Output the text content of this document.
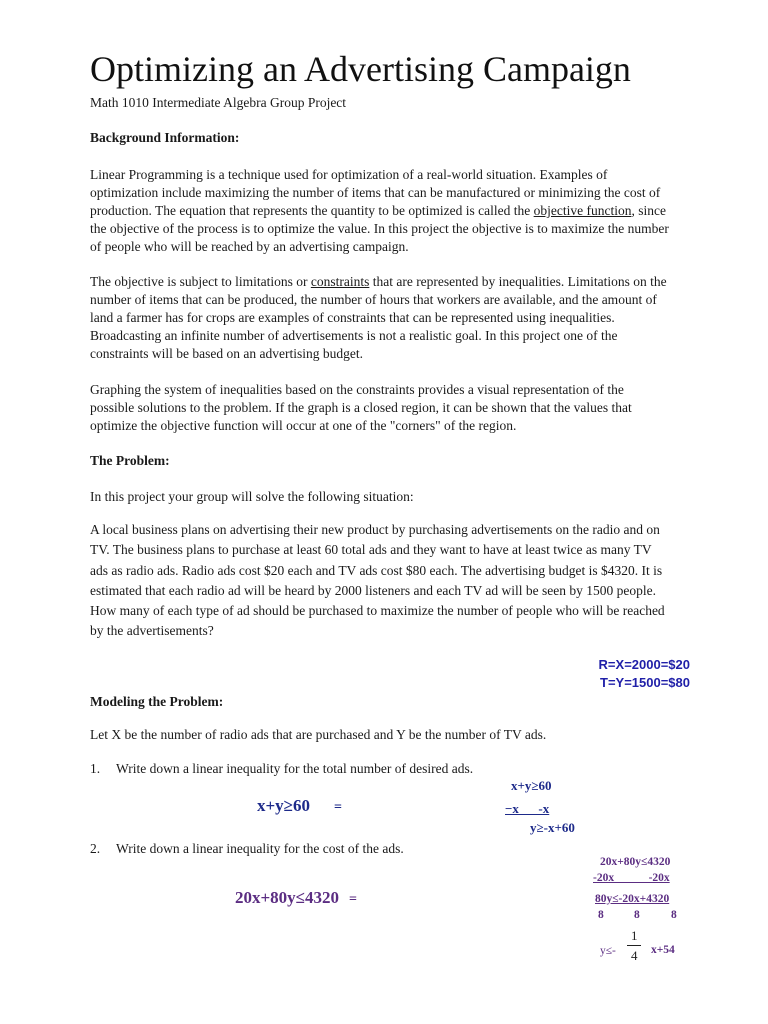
Optimizing an Advertising Campaign
Math 1010 Intermediate Algebra Group Project
Background Information:

Linear Programming is a technique used for optimization of a real-world situation. Examples of optimization include maximizing the number of items that can be manufactured or minimizing the cost of production. The equation that represents the quantity to be optimized is called the objective function, since the objective of the process is to optimize the value. In this project the objective is to maximize the number of people who will be reached by an advertising campaign.

The objective is subject to limitations or constraints that are represented by inequalities. Limitations on the number of items that can be produced, the number of hours that workers are available, and the amount of land a farmer has for crops are examples of constraints that can be represented using inequalities. Broadcasting an infinite number of advertisements is not a realistic goal. In this project one of the constraints will be based on an advertising budget.

Graphing the system of inequalities based on the constraints provides a visual representation of the possible solutions to the problem. If the graph is a closed region, it can be shown that the values that optimize the objective function will occur at one of the "corners" of the region.

The Problem:
In this project your group will solve the following situation:

A local business plans on advertising their new product by purchasing advertisements on the radio and on TV. The business plans to purchase at least 60 total ads and they want to have at least twice as many TV ads as radio ads. Radio ads cost $20 each and TV ads cost $80 each. The advertising budget is $4320. It is estimated that each radio ad will be heard by 2000 listeners and each TV ad will be seen by 1500 people. How many of each type of ad should be purchased to maximize the number of people who will be reached by the advertisements?

R=X=2000=$20
T=Y=1500=$80
Modeling the Problem:
Let X be the number of radio ads that are purchased and Y be the number of TV ads.
1. Write down a linear inequality for the total number of desired ads.
x+y≥60 =
x+y≥60
−x      -x
y≥-x+60
2. Write down a linear inequality for the cost of the ads.
20x+80y≤4320 =
20x+80y≤4320
-20x            -20x
80y≤-20x+4320
8	8	8
1
4
y≤-	x+54
